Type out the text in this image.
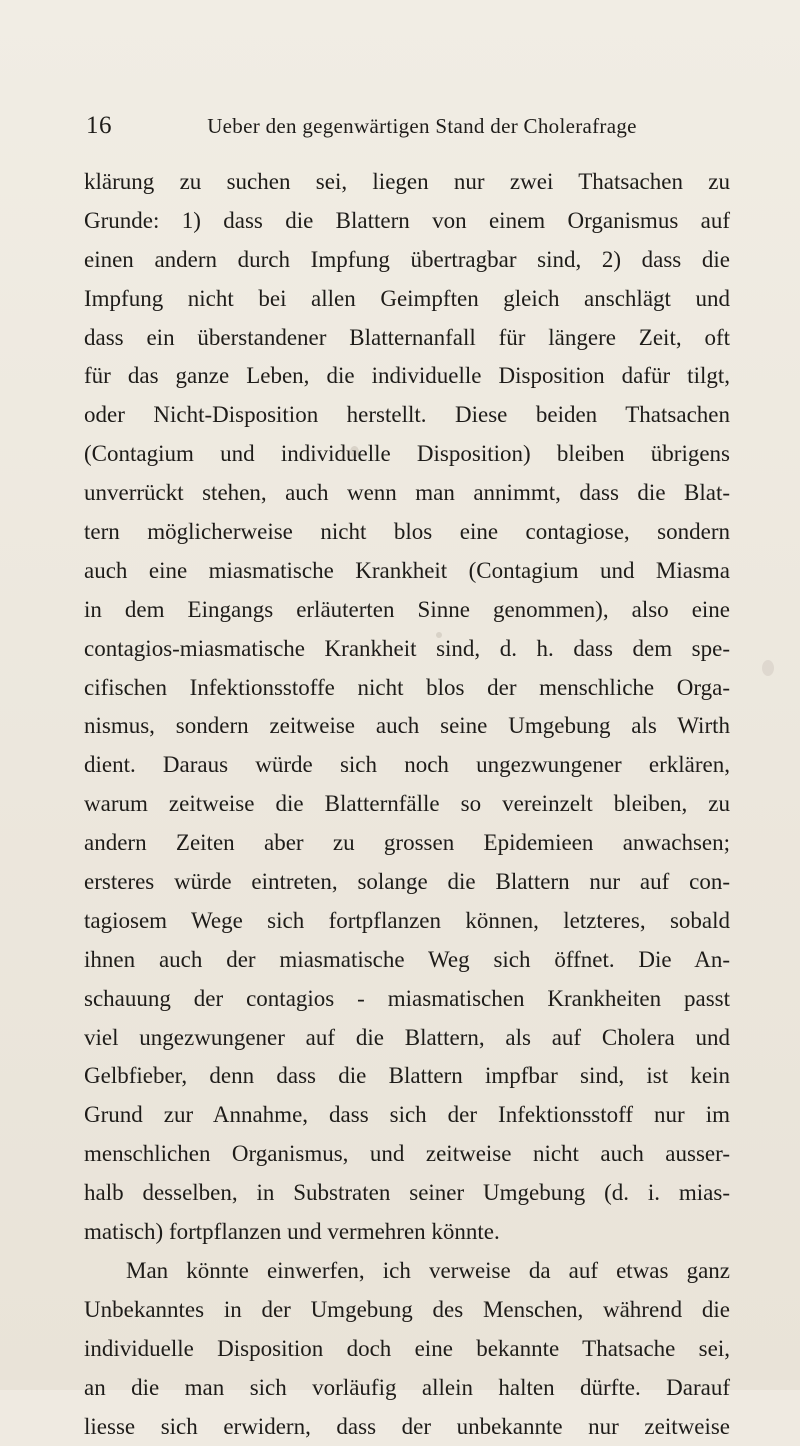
16	Ueber den gegenwärtigen Stand der Cholerafrage
klärung zu suchen sei, liegen nur zwei Thatsachen zu
Grunde: 1) dass die Blattern von einem Organismus auf
einen andern durch Impfung übertragbar sind, 2) dass die
Impfung nicht bei allen Geimpften gleich anschlägt und
dass ein überstandener Blatternanfall für längere Zeit, oft
für das ganze Leben, die individuelle Disposition dafür tilgt,
oder Nicht-Disposition herstellt. Diese beiden Thatsachen
(Contagium und individuelle Disposition) bleiben übrigens
unverrückt stehen, auch wenn man annimmt, dass die Blat-
tern möglicherweise nicht blos eine contagiose, sondern
auch eine miasmatische Krankheit (Contagium und Miasma
in dem Eingangs erläuterten Sinne genommen), also eine
contagios-miasmatische Krankheit sind, d. h. dass dem spe-
cifischen Infektionsstoffe nicht blos der menschliche Orga-
nismus, sondern zeitweise auch seine Umgebung als Wirth
dient. Daraus würde sich noch ungezwungener erklären,
warum zeitweise die Blatternfälle so vereinzelt bleiben, zu
andern Zeiten aber zu grossen Epidemieen anwachsen;
ersteres würde eintreten, solange die Blattern nur auf con-
tagiosem Wege sich fortpflanzen können, letzteres, sobald
ihnen auch der miasmatische Weg sich öffnet. Die An-
schauung der contagios - miasmatischen Krankheiten passt
viel ungezwungener auf die Blattern, als auf Cholera und
Gelbfieber, denn dass die Blattern impfbar sind, ist kein
Grund zur Annahme, dass sich der Infektionsstoff nur im
menschlichen Organismus, und zeitweise nicht auch ausser-
halb desselben, in Substraten seiner Umgebung (d. i. mias-
matisch) fortpflanzen und vermehren könnte.
Man könnte einwerfen, ich verweise da auf etwas ganz
Unbekanntes in der Umgebung des Menschen, während die
individuelle Disposition doch eine bekannte Thatsache sei,
an die man sich vorläufig allein halten dürfte. Darauf
liesse sich erwidern, dass der unbekannte nur zeitweise
